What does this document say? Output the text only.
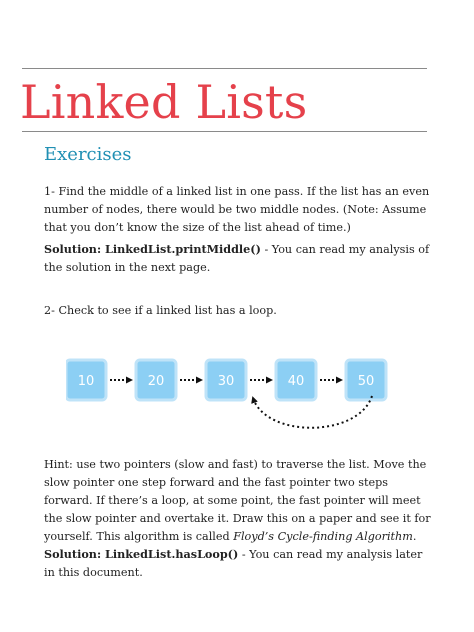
Linked Lists
Exercises
1- Find the middle of a linked list in one pass. If the list has an even number of nodes, there would be two middle nodes. (Note: Assume that you don’t know the size of the list ahead of time.)
Solution: LinkedList.printMiddle() - You can read my analysis of the solution in the next page.
2- Check to see if a linked list has a loop.
10	20	30	40	50
Hint: use two pointers (slow and fast) to traverse the list. Move the slow pointer one step forward and the fast pointer two steps forward. If there’s a loop, at some point, the fast pointer will meet the slow pointer and overtake it. Draw this on a paper and see it for yourself. This algorithm is called Floyd’s Cycle-finding Algorithm.
Solution: LinkedList.hasLoop() - You can read my analysis later in this document.
